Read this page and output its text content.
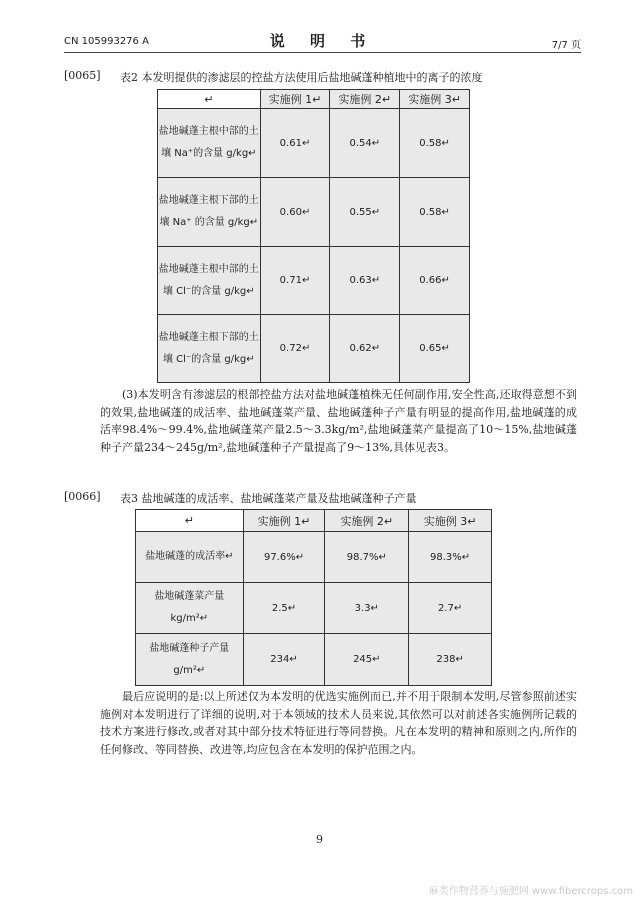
CN 105993276 A	说 明 书	7/7 页
[0065] 表2 本发明提供的渗滤层的控盐方法使用后盐地碱蓬种植地中的离子的浓度
↵	实施例 1↵	实施例 2↵	实施例 3↵
盐地碱蓬主根中部的土壤 Na⁺的含量 g/kg↵	0.61↵	0.54↵	0.58↵
盐地碱蓬主根下部的土壤 Na⁺ 的含量 g/kg↵	0.60↵	0.55↵	0.58↵
盐地碱蓬主根中部的土壤 Cl⁻的含量 g/kg↵	0.71↵	0.63↵	0.66↵
盐地碱蓬主根下部的土壤 Cl⁻的含量 g/kg↵	0.72↵	0.62↵	0.65↵
(3)本发明含有渗滤层的根部控盐方法对盐地碱蓬植株无任何副作用,安全性高,还取得意想不到的效果,盐地碱蓬的成活率、盐地碱蓬菜产量、盐地碱蓬种子产量有明显的提高作用,盐地碱蓬的成活率98.4%～99.4%,盐地碱蓬菜产量2.5～3.3kg/m²,盐地碱蓬菜产量提高了10～15%,盐地碱蓬种子产量234～245g/m²,盐地碱蓬种子产量提高了9～13%,具体见表3。
[0066] 表3 盐地碱蓬的成活率、盐地碱蓬菜产量及盐地碱蓬种子产量
↵	实施例 1↵	实施例 2↵	实施例 3↵
盐地碱蓬的成活率↵	97.6%↵	98.7%↵	98.3%↵
盐地碱蓬菜产量 kg/m²↵	2.5↵	3.3↵	2.7↵
盐地碱蓬种子产量 g/m²↵	234↵	245↵	238↵
最后应说明的是:以上所述仅为本发明的优选实施例而已,并不用于限制本发明,尽管参照前述实施例对本发明进行了详细的说明,对于本领域的技术人员来说,其依然可以对前述各实施例所记载的技术方案进行修改,或者对其中部分技术特征进行等同替换。凡在本发明的精神和原则之内,所作的任何修改、等同替换、改进等,均应包含在本发明的保护范围之内。
9
麻类作物营养与施肥网 www.fibercrops.com
